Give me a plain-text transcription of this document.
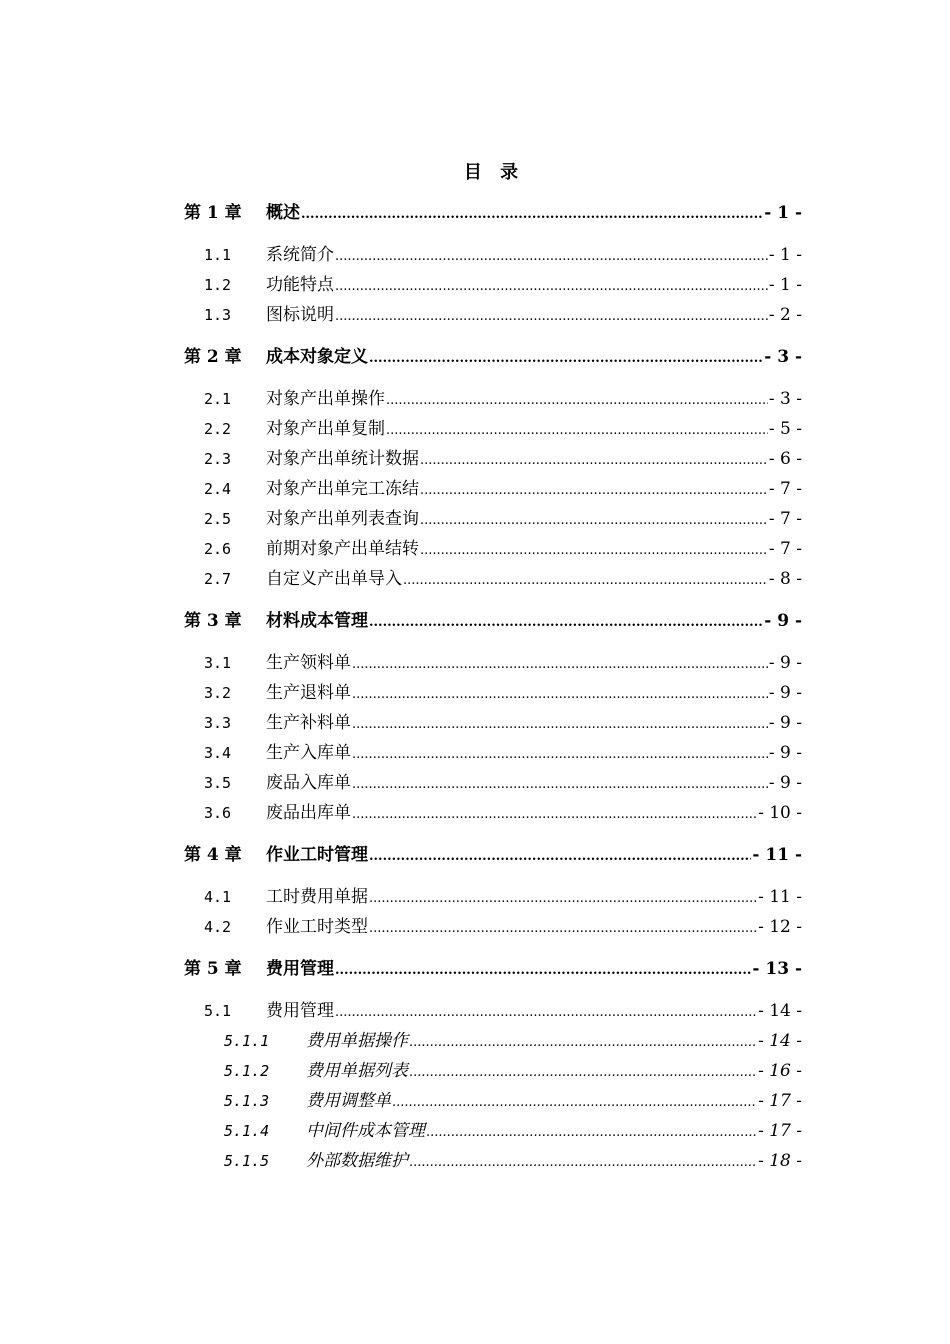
目 录
第 1 章	概述 .....	- 1 -
1.1	系统简介 .....	- 1 -
1.2	功能特点 .....	- 1 -
1.3	图标说明 .....	- 2 -
第 2 章	成本对象定义 .....	- 3 -
2.1	对象产出单操作 .....	- 3 -
2.2	对象产出单复制 .....	- 5 -
2.3	对象产出单统计数据 .....	- 6 -
2.4	对象产出单完工冻结 .....	- 7 -
2.5	对象产出单列表查询 .....	- 7 -
2.6	前期对象产出单结转 .....	- 7 -
2.7	自定义产出单导入 .....	- 8 -
第 3 章	材料成本管理 .....	- 9 -
3.1	生产领料单 .....	- 9 -
3.2	生产退料单 .....	- 9 -
3.3	生产补料单 .....	- 9 -
3.4	生产入库单 .....	- 9 -
3.5	废品入库单 .....	- 9 -
3.6	废品出库单 .....	- 10 -
第 4 章	作业工时管理 .....	- 11 -
4.1	工时费用单据 .....	- 11 -
4.2	作业工时类型 .....	- 12 -
第 5 章	费用管理 .....	- 13 -
5.1	费用管理 .....	- 14 -
5.1.1	费用单据操作 .....	- 14 -
5.1.2	费用单据列表 .....	- 16 -
5.1.3	费用调整单 .....	- 17 -
5.1.4	中间件成本管理 .....	- 17 -
5.1.5	外部数据维护 .....	- 18 -
